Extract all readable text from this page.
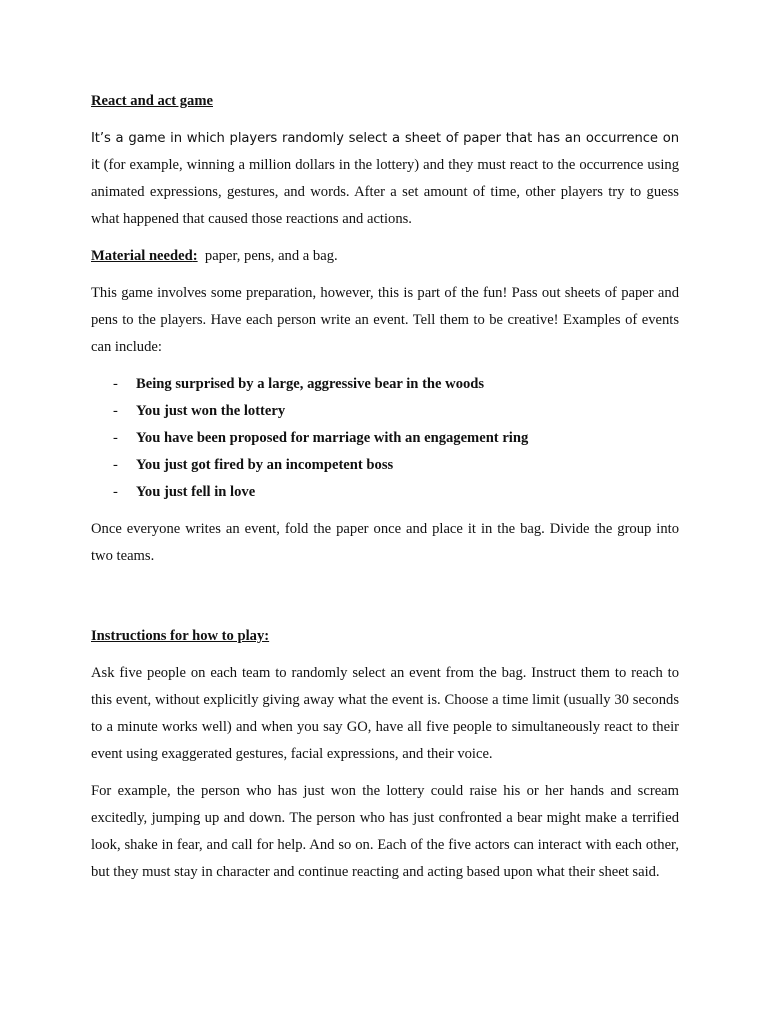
React and act game

It’s a game in which players randomly select a sheet of paper that has an occurrence on it (for example, winning a million dollars in the lottery) and they must react to the occurrence using animated expressions, gestures, and words. After a set amount of time, other players try to guess what happened that caused those reactions and actions.

Material needed:  paper, pens, and a bag.

This game involves some preparation, however, this is part of the fun! Pass out sheets of paper and pens to the players. Have each person write an event. Tell them to be creative! Examples of events can include:

- Being surprised by a large, aggressive bear in the woods
- You just won the lottery
- You have been proposed for marriage with an engagement ring
- You just got fired by an incompetent boss
- You just fell in love

Once everyone writes an event, fold the paper once and place it in the bag. Divide the group into two teams.

Instructions for how to play:

Ask five people on each team to randomly select an event from the bag. Instruct them to reach to this event, without explicitly giving away what the event is. Choose a time limit (usually 30 seconds to a minute works well) and when you say GO, have all five people to simultaneously react to their event using exaggerated gestures, facial expressions, and their voice.

For example, the person who has just won the lottery could raise his or her hands and scream excitedly, jumping up and down. The person who has just confronted a bear might make a terrified look, shake in fear, and call for help. And so on. Each of the five actors can interact with each other, but they must stay in character and continue reacting and acting based upon what their sheet said.
